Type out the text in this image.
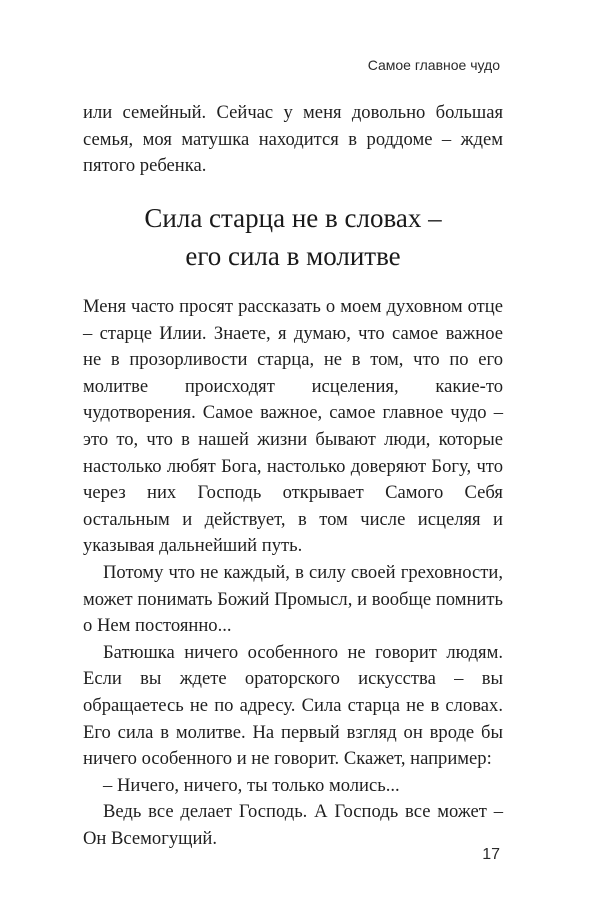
Самое главное чудо

или семейный. Сейчас у меня довольно большая семья, моя матушка находится в роддоме – ждем пятого ребенка.

Сила старца не в словах –
его сила в молитве

Меня часто просят рассказать о моем духовном отце – старце Илии. Знаете, я думаю, что самое важное не в прозорливости старца, не в том, что по его молитве происходят исцеления, какие-то чудотворения. Самое важное, самое главное чудо – это то, что в нашей жизни бывают люди, которые настолько любят Бога, настолько доверяют Богу, что через них Господь открывает Самого Себя остальным и действует, в том числе исцеляя и указывая дальнейший путь.

Потому что не каждый, в силу своей греховности, может понимать Божий Промысл, и вообще помнить о Нем постоянно...

Батюшка ничего особенного не говорит людям. Если вы ждете ораторского искусства – вы обращаетесь не по адресу. Сила старца не в словах. Его сила в молитве. На первый взгляд он вроде бы ничего особенного и не говорит. Скажет, например:

– Ничего, ничего, ты только молись...

Ведь все делает Господь. А Господь все может – Он Всемогущий.

17
